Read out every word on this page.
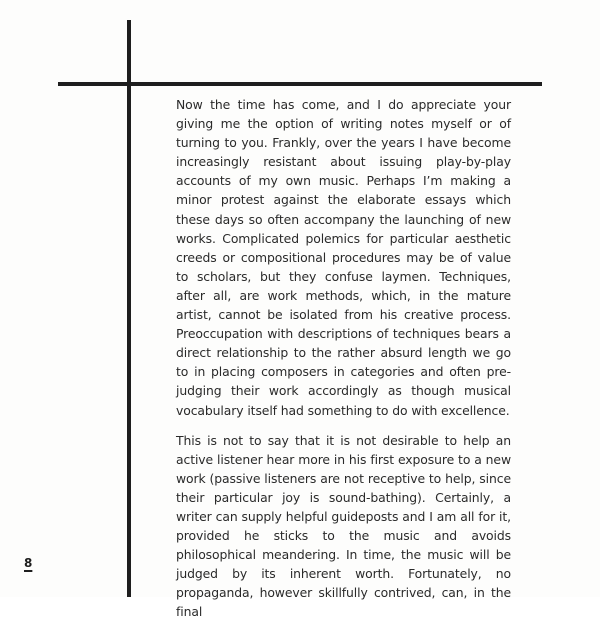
Now the time has come, and I do appreciate your giving me the option of writing notes myself or of turning to you. Frankly, over the years I have become increasingly resistant about issuing play-by-play accounts of my own music. Perhaps I’m making a minor protest against the elaborate essays which these days so often accompany the launching of new works. Complicated polemics for particular aesthetic creeds or compositional procedures may be of value to scholars, but they confuse laymen. Techniques, after all, are work methods, which, in the mature artist, cannot be isolated from his creative process. Preoccupation with descriptions of techniques bears a direct relationship to the rather absurd length we go to in placing composers in categories and often pre-judging their work accordingly as though musical vocabulary itself had something to do with excellence.

This is not to say that it is not desirable to help an active listener hear more in his first exposure to a new work (passive listeners are not receptive to help, since their particular joy is sound-bathing). Certainly, a writer can supply helpful guideposts and I am all for it, provided he sticks to the music and avoids philosophical meandering. In time, the music will be judged by its inherent worth. Fortunately, no propaganda, however skillfully contrived, can, in the final

8
